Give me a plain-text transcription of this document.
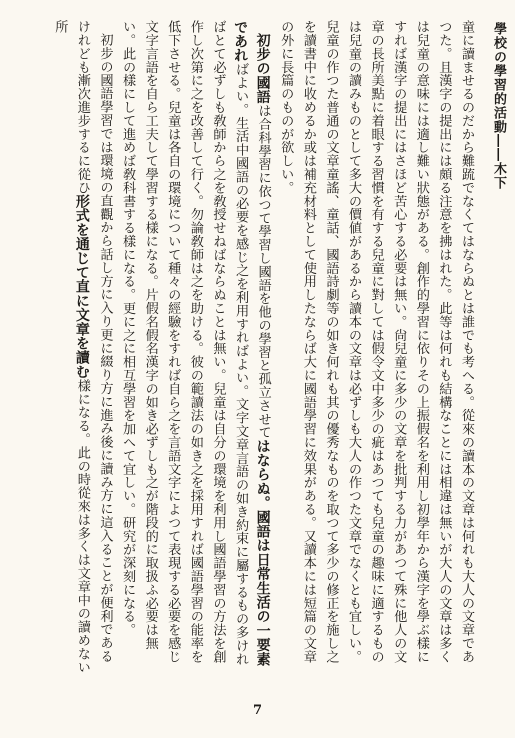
學校の學習的活動――木下

童に讀ませるのだから難䟽でなくてはならぬとは誰でも考へる。從來の讀本の文章は何れも大人の文章であつた。且漢字の提出には頗る注意を拂はれた。此等は何れも結構なことには相違は無いが大人の文章は多くは兒童の意味には適し難い狀態がある。創作的學習に依りその上振假名を利用し初學年から漢字を學ぶ樣にすれば漢字の提出にはさほど苦心する必要は無い。尙兒童に多少の文章を批判する力があつて殊に他人の文章の長所美點に着眼する習慣を有する兒童に對しては假令文中多少の疵はあつても兒童の趣味に適するものは兒童の讀みものとして多大の價値があるから讀本の文章は必ずしも大人の作つた文章でなくとも宜しい。兒童の作つた普通の文章童謠、童話、國語詩劇等の如き何れも其の優秀なものを取つて多少の修正を施し之を讀書中に收めるか或は補充材料として使用したならば大に國語學習に效果がある。又讀本には短篇の文章の外に長篇のものが欲しい。

初步の國語は合科學習に依つて學習し國語を他の學習と孤立させてはならぬ。國語は日常生活の一要素であればよい。生活中國語の必要を感じ之を利用すればよい。文字文章言語の如き約束に屬するもの多ければとて必ずしも敎師から之を敎授せねばならぬことは無い。兒童は自分の環境を利用し國語學習の方法を創作し次第に之を改善して行く。勿論敎師は之を助ける。彼の範讀法の如き之を採用すれば國語學習の能率を低下させる。兒童は各自の環境について種々の經驗をすれば自ら之を言語文字によつて表現する必要を感じ文字言語を自ら工夫して學習する樣になる。片假名假名漢字の如き必ずしも之が階段的に取扱ふ必要は無い。此の樣にして進めば敎科書する樣になる。更に之に相互學習を加へて宜しい。研究が深刻になる。

初步の國語學習では環境の直觀から話し方に入り更に綴り方に進み後に讀み方に這入ることが便利であるけれども漸次進步するに從ひ形式を通じて直に文章を讀む樣になる。此の時從來は多くは文章中の讀めない所

7
